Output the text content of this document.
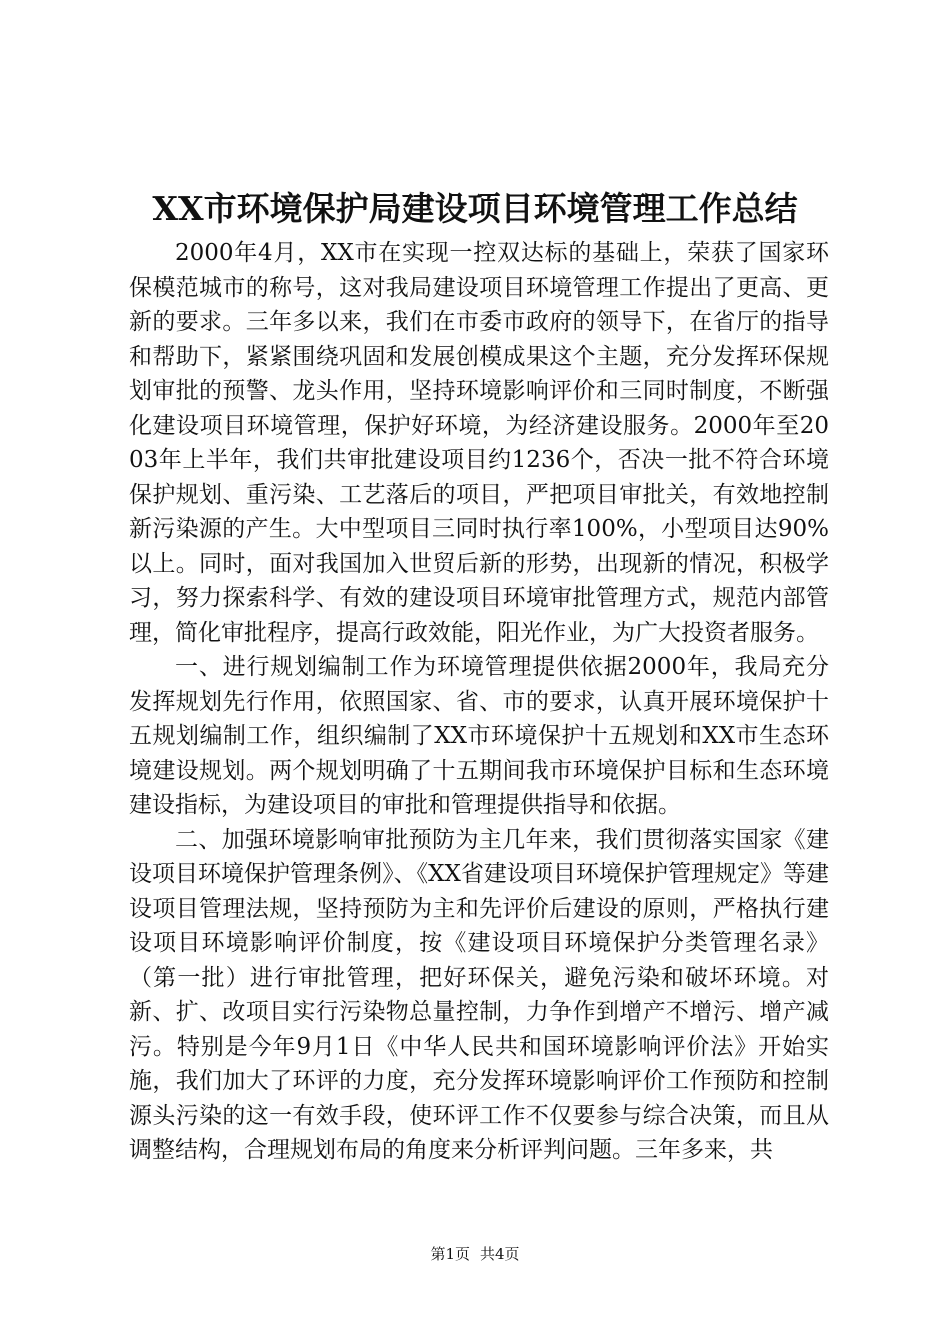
XX市环境保护局建设项目环境管理工作总结

2000年4月，XX市在实现一控双达标的基础上，荣获了国家环保模范城市的称号，这对我局建设项目环境管理工作提出了更高、更新的要求。三年多以来，我们在市委市政府的领导下，在省厅的指导和帮助下，紧紧围绕巩固和发展创模成果这个主题，充分发挥环保规划审批的预警、龙头作用，坚持环境影响评价和三同时制度，不断强化建设项目环境管理，保护好环境，为经济建设服务。2000年至2003年上半年，我们共审批建设项目约1236个，否决一批不符合环境保护规划、重污染、工艺落后的项目，严把项目审批关，有效地控制新污染源的产生。大中型项目三同时执行率100%，小型项目达90%以上。同时，面对我国加入世贸后新的形势，出现新的情况，积极学习，努力探索科学、有效的建设项目环境审批管理方式，规范内部管理，简化审批程序，提高行政效能，阳光作业，为广大投资者服务。

一、进行规划编制工作为环境管理提供依据2000年，我局充分发挥规划先行作用，依照国家、省、市的要求，认真开展环境保护十五规划编制工作，组织编制了XX市环境保护十五规划和XX市生态环境建设规划。两个规划明确了十五期间我市环境保护目标和生态环境建设指标，为建设项目的审批和管理提供指导和依据。

二、加强环境影响审批预防为主几年来，我们贯彻落实国家《建设项目环境保护管理条例》、《XX省建设项目环境保护管理规定》等建设项目管理法规，坚持预防为主和先评价后建设的原则，严格执行建设项目环境影响评价制度，按《建设项目环境保护分类管理名录》（第一批）进行审批管理，把好环保关，避免污染和破坏环境。对新、扩、改项目实行污染物总量控制，力争作到增产不增污、增产减污。特别是今年9月1日《中华人民共和国环境影响评价法》开始实施，我们加大了环评的力度，充分发挥环境影响评价工作预防和控制源头污染的这一有效手段，使环评工作不仅要参与综合决策，而且从调整结构，合理规划布局的角度来分析评判问题。三年多来，共

第1页 共4页
